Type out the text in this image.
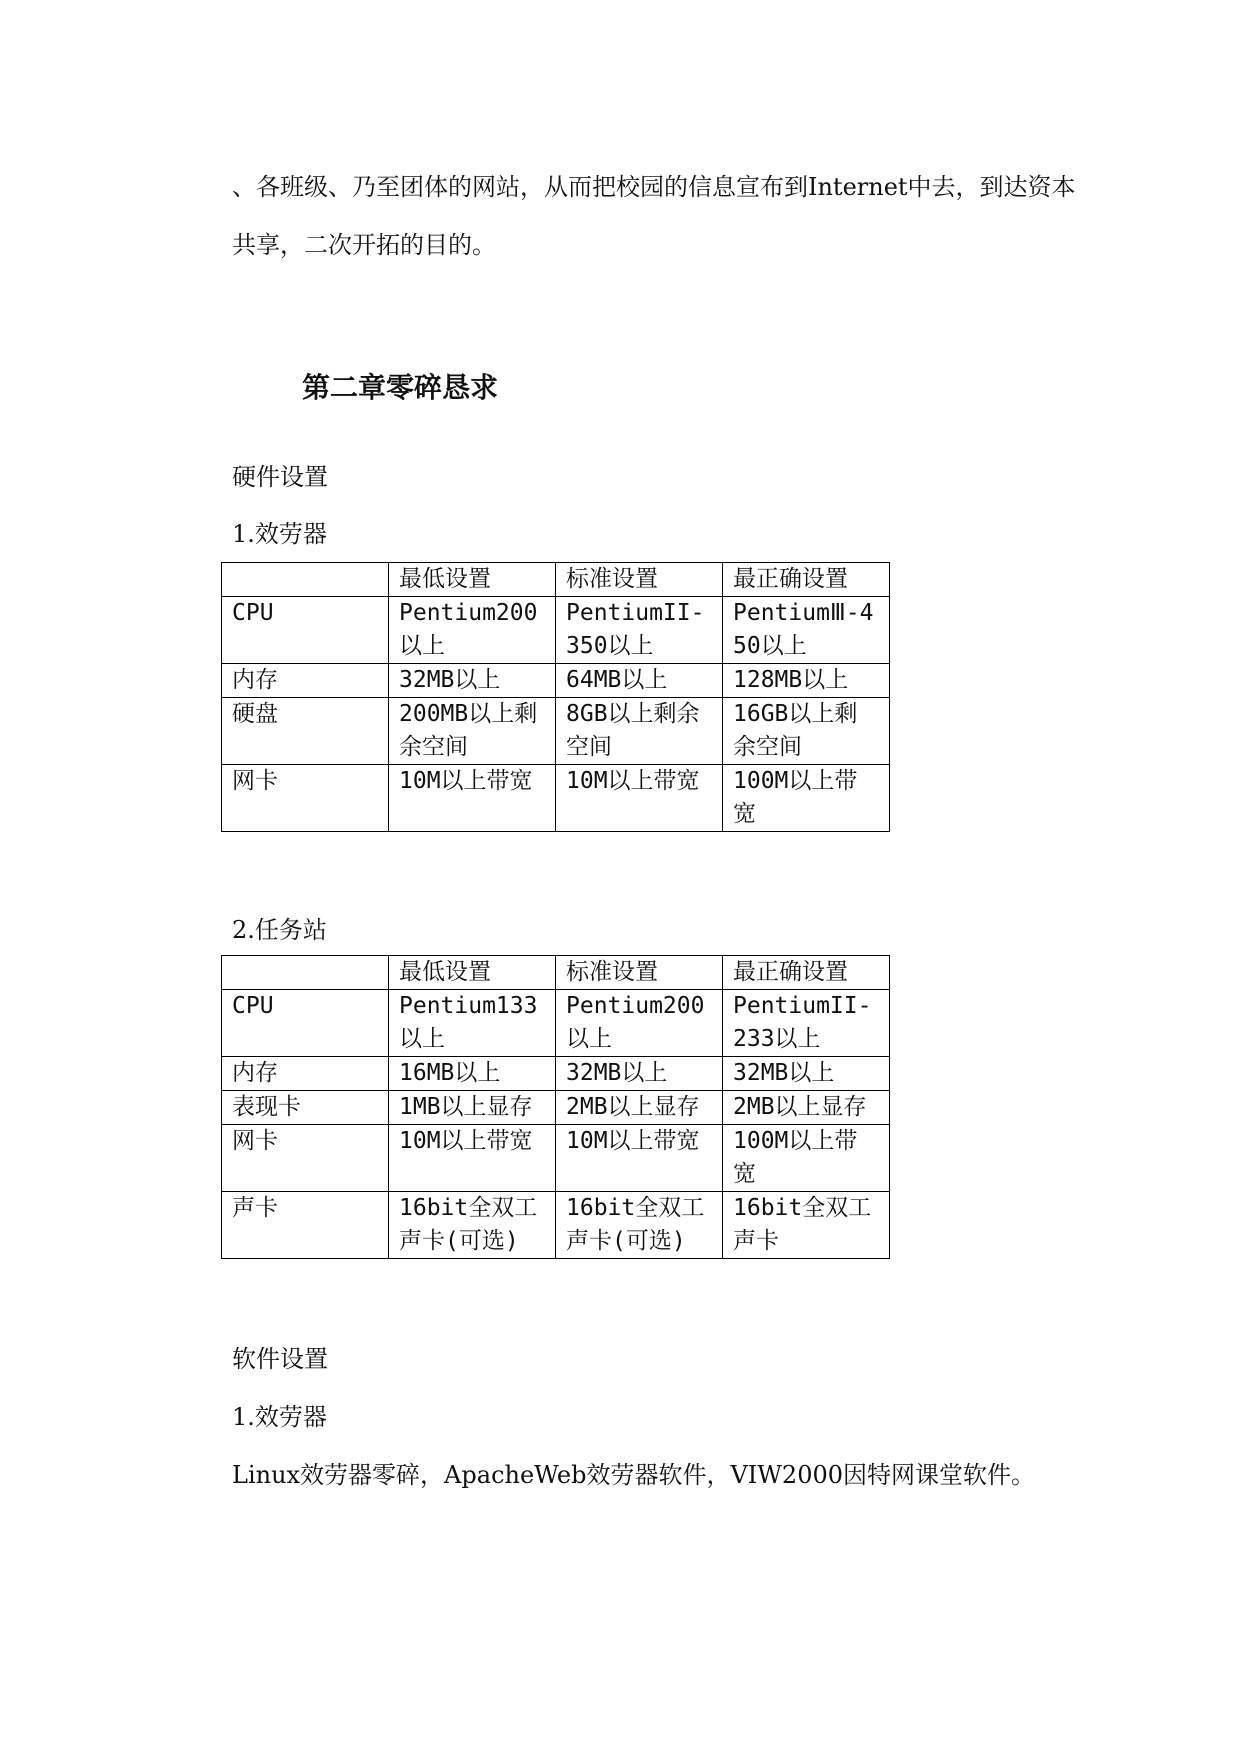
、各班级、乃至团体的网站，从而把校园的信息宣布到Internet中去，到达资本

共享，二次开拓的目的。

第二章零碎恳求

硬件设置

1.效劳器

	最低设置	标准设置	最正确设置
CPU	Pentium200以上	PentiumII-350以上	PentiumⅢ-450以上
内存	32MB以上	64MB以上	128MB以上
硬盘	200MB以上剩余空间	8GB以上剩余空间	16GB以上剩余空间
网卡	10M以上带宽	10M以上带宽	100M以上带宽

2.任务站

	最低设置	标准设置	最正确设置
CPU	Pentium133以上	Pentium200以上	PentiumII-233以上
内存	16MB以上	32MB以上	32MB以上
表现卡	1MB以上显存	2MB以上显存	2MB以上显存
网卡	10M以上带宽	10M以上带宽	100M以上带宽
声卡	16bit全双工声卡(可选)	16bit全双工声卡(可选)	16bit全双工声卡

软件设置

1.效劳器

Linux效劳器零碎，ApacheWeb效劳器软件，VIW2000因特网课堂软件。
